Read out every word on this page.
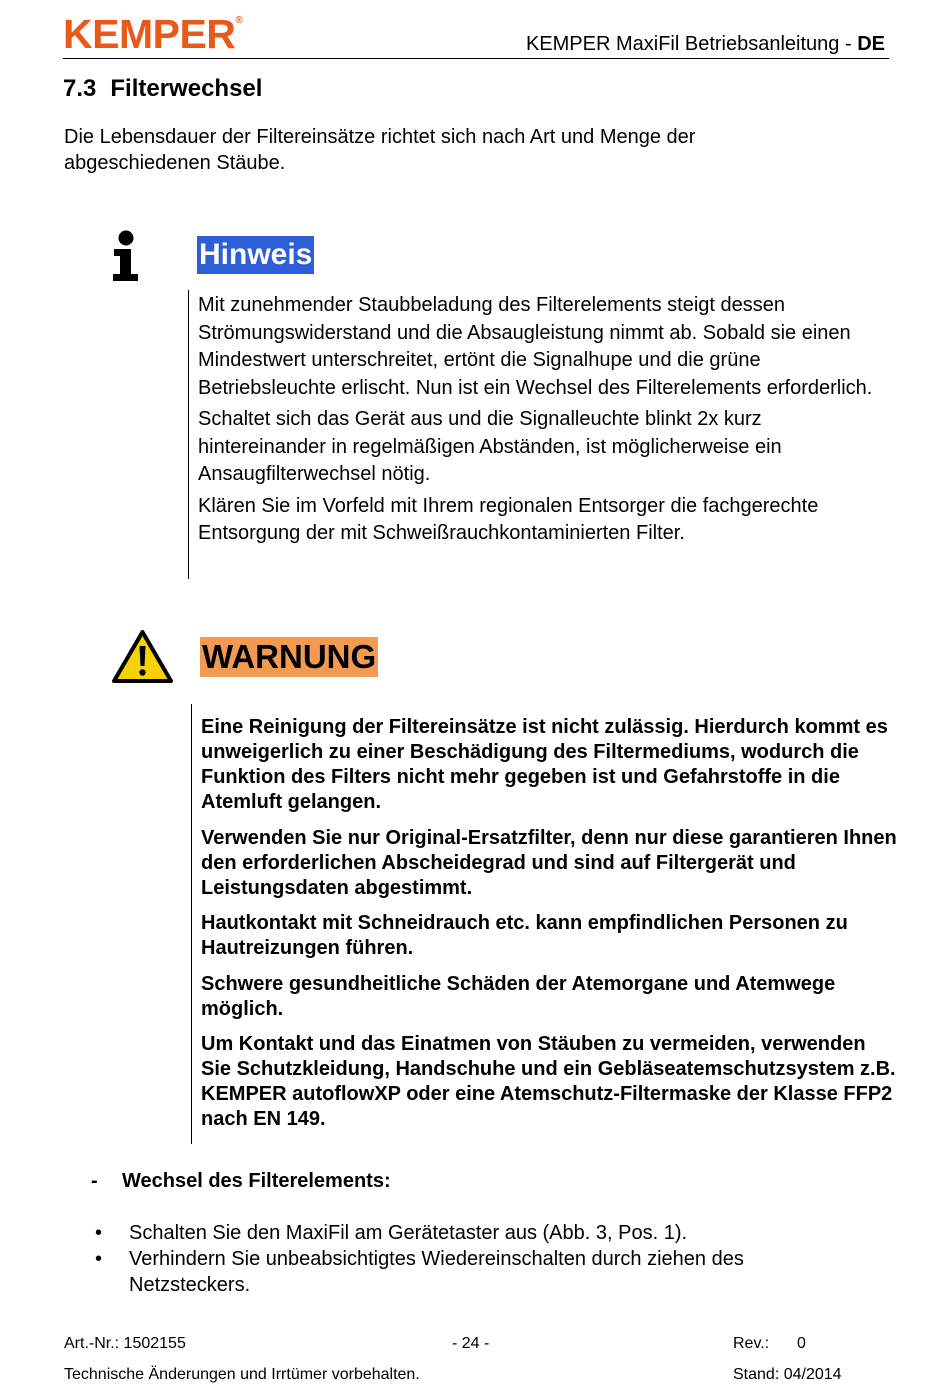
KEMPER®
KEMPER MaxiFil Betriebsanleitung - DE
7.3 Filterwechsel
Die Lebensdauer der Filtereinsätze richtet sich nach Art und Menge der abgeschiedenen Stäube.
Hinweis

Mit zunehmender Staubbeladung des Filterelements steigt dessen Strömungswiderstand und die Absaugleistung nimmt ab. Sobald sie einen Mindestwert unterschreitet, ertönt die Signalhupe und die grüne Betriebsleuchte erlischt. Nun ist ein Wechsel des Filterelements erforderlich.

Schaltet sich das Gerät aus und die Signalleuchte blinkt 2x kurz hintereinander in regelmäßigen Abständen, ist möglicherweise ein Ansaugfilterwechsel nötig.

Klären Sie im Vorfeld mit Ihrem regionalen Entsorger die fachgerechte Entsorgung der mit Schweißrauchkontaminierten Filter.

WARNUNG

Eine Reinigung der Filtereinsätze ist nicht zulässig. Hierdurch kommt es unweigerlich zu einer Beschädigung des Filtermediums, wodurch die Funktion des Filters nicht mehr gegeben ist und Gefahrstoffe in die Atemluft gelangen.

Verwenden Sie nur Original-Ersatzfilter, denn nur diese garantieren Ihnen den erforderlichen Abscheidegrad und sind auf Filtergerät und Leistungsdaten abgestimmt.

Hautkontakt mit Schneidrauch etc. kann empfindlichen Personen zu Hautreizungen führen.

Schwere gesundheitliche Schäden der Atemorgane und Atemwege möglich.

Um Kontakt und das Einatmen von Stäuben zu vermeiden, verwenden Sie Schutzkleidung, Handschuhe und ein Gebläseatemschutzsystem z.B. KEMPER autoflowXP oder eine Atemschutz-Filtermaske der Klasse FFP2 nach EN 149.

- Wechsel des Filterelements:
•	Schalten Sie den MaxiFil am Gerätetaster aus (Abb. 3, Pos. 1).
•	Verhindern Sie unbeabsichtigtes Wiedereinschalten durch ziehen des Netzsteckers.
Art.-Nr.: 1502155	- 24 -	Rev.: 0
Technische Änderungen und Irrtümer vorbehalten.	Stand: 04/2014
